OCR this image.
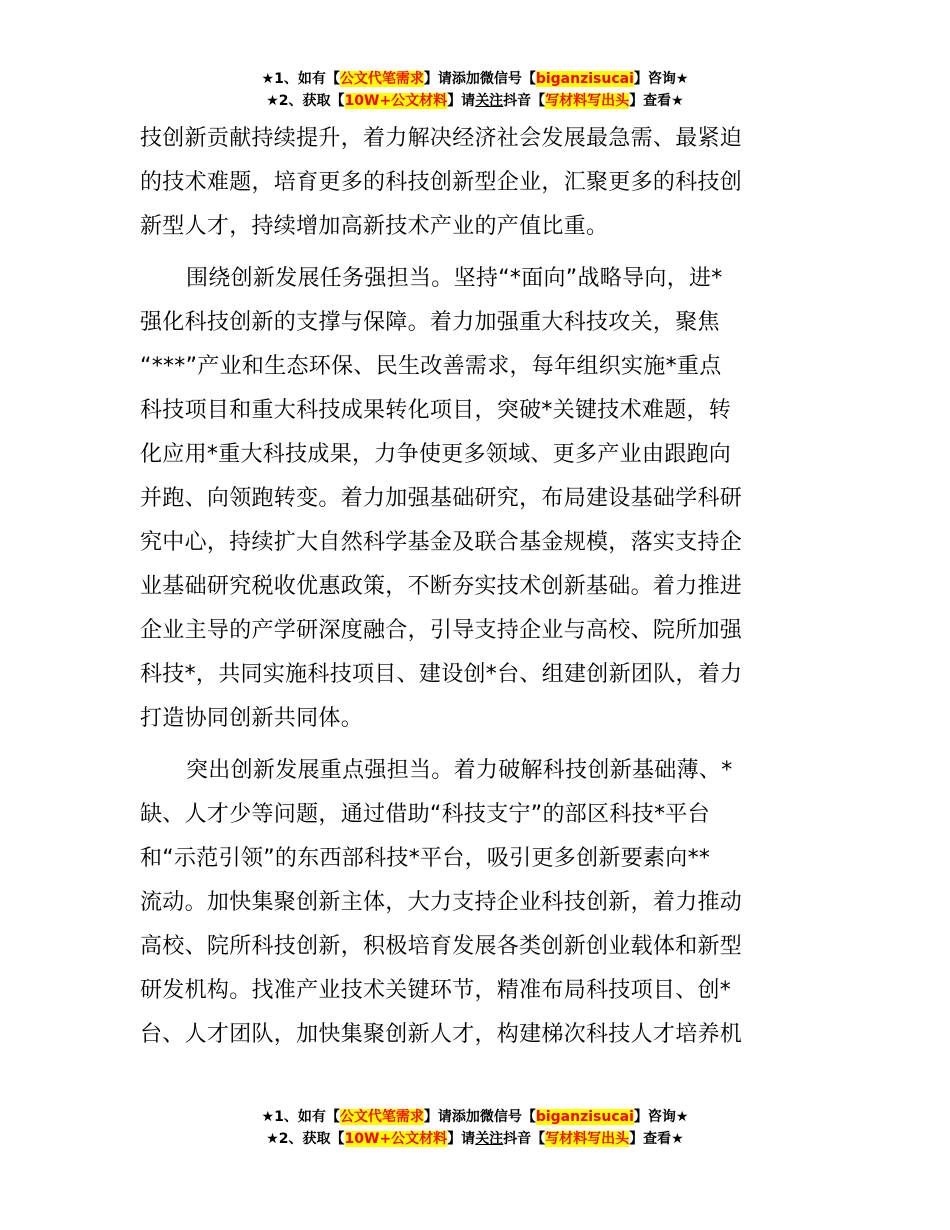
★1、如有【公文代笔需求】请添加微信号【biganzisucai】咨询★
★2、获取【10W+公文材料】请关注抖音【写材料写出头】查看★
技创新贡献持续提升，着力解决经济社会发展最急需、最紧迫
的技术难题，培育更多的科技创新型企业，汇聚更多的科技创
新型人才，持续增加高新技术产业的产值比重。
围绕创新发展任务强担当。坚持“*面向”战略导向，进*
强化科技创新的支撑与保障。着力加强重大科技攻关，聚焦
“***”产业和生态环保、民生改善需求，每年组织实施*重点
科技项目和重大科技成果转化项目，突破*关键技术难题，转
化应用*重大科技成果，力争使更多领域、更多产业由跟跑向
并跑、向领跑转变。着力加强基础研究，布局建设基础学科研
究中心，持续扩大自然科学基金及联合基金规模，落实支持企
业基础研究税收优惠政策，不断夯实技术创新基础。着力推进
企业主导的产学研深度融合，引导支持企业与高校、院所加强
科技*，共同实施科技项目、建设创*台、组建创新团队，着力
打造协同创新共同体。
突出创新发展重点强担当。着力破解科技创新基础薄、*
缺、人才少等问题，通过借助“科技支宁”的部区科技*平台
和“示范引领”的东西部科技*平台，吸引更多创新要素向**
流动。加快集聚创新主体，大力支持企业科技创新，着力推动
高校、院所科技创新，积极培育发展各类创新创业载体和新型
研发机构。找准产业技术关键环节，精准布局科技项目、创*
台、人才团队，加快集聚创新人才，构建梯次科技人才培养机
★1、如有【公文代笔需求】请添加微信号【biganzisucai】咨询★
★2、获取【10W+公文材料】请关注抖音【写材料写出头】查看★
